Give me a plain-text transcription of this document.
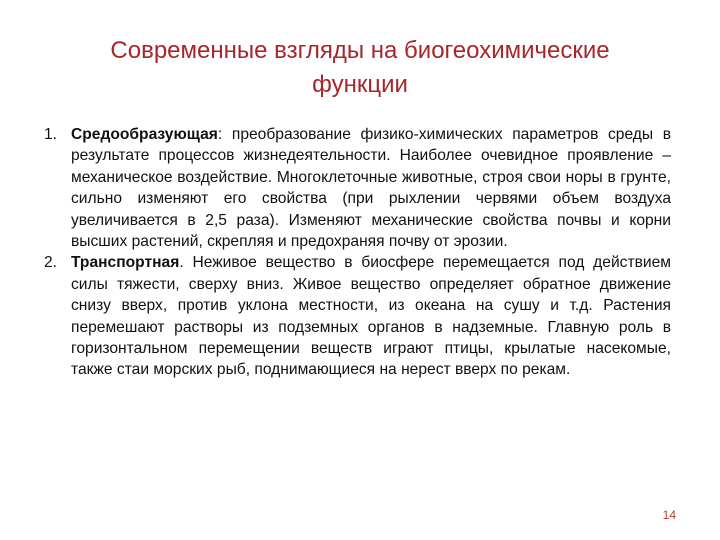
Современные взгляды на биогеохимические
функции
1. Средообразующая: преобразование физико-химических параметров среды в результате процессов жизнедеятельности. Наиболее очевидное проявление – механическое воздействие. Многоклеточные животные, строя свои норы в грунте, сильно изменяют его свойства (при рыхлении червями объем воздуха увеличивается в 2,5 раза). Изменяют механические свойства почвы и корни высших растений, скрепляя и предохраняя почву от эрозии.
2. Транспортная. Неживое вещество в биосфере перемещается под действием силы тяжести, сверху вниз. Живое вещество определяет обратное движение снизу вверх, против уклона местности, из океана на сушу и т.д. Растения перемешают растворы из подземных органов в надземные. Главную роль в горизонтальном перемещении веществ играют птицы, крылатые насекомые, также стаи морских рыб, поднимающиеся на нерест вверх по рекам.
14
